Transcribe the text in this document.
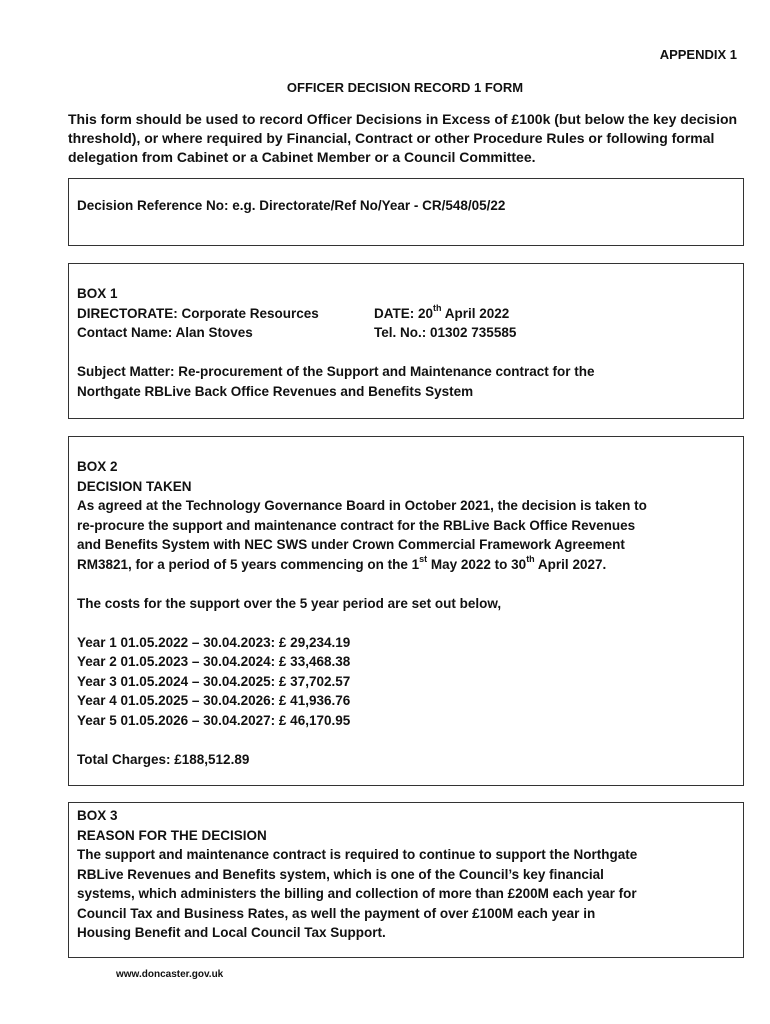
APPENDIX 1
OFFICER DECISION RECORD 1 FORM
This form should be used to record Officer Decisions in Excess of £100k (but below the key decision threshold), or where required by Financial, Contract or other Procedure Rules or following formal delegation from Cabinet or a Cabinet Member or a Council Committee.
Decision Reference No: e.g. Directorate/Ref No/Year - CR/548/05/22
BOX 1
DIRECTORATE: Corporate Resources	DATE: 20th April 2022
Contact Name: Alan Stoves	Tel. No.: 01302 735585
Subject Matter: Re-procurement of the Support and Maintenance contract for the
Northgate RBLive Back Office Revenues and Benefits System
BOX 2
DECISION TAKEN
As agreed at the Technology Governance Board in October 2021, the decision is taken to
re-procure the support and maintenance contract for the RBLive Back Office Revenues
and Benefits System with NEC SWS under Crown Commercial Framework Agreement
RM3821, for a period of 5 years commencing on the 1st May 2022 to 30th April 2027.
The costs for the support over the 5 year period are set out below,
Year 1 01.05.2022 – 30.04.2023: £ 29,234.19
Year 2 01.05.2023 – 30.04.2024: £ 33,468.38
Year 3 01.05.2024 – 30.04.2025: £ 37,702.57
Year 4 01.05.2025 – 30.04.2026: £ 41,936.76
Year 5 01.05.2026 – 30.04.2027: £ 46,170.95
Total Charges: £188,512.89
BOX 3
REASON FOR THE DECISION
The support and maintenance contract is required to continue to support the Northgate
RBLive Revenues and Benefits system, which is one of the Council’s key financial
systems, which administers the billing and collection of more than £200M each year for
Council Tax and Business Rates, as well the payment of over £100M each year in
Housing Benefit and Local Council Tax Support.
www.doncaster.gov.uk
